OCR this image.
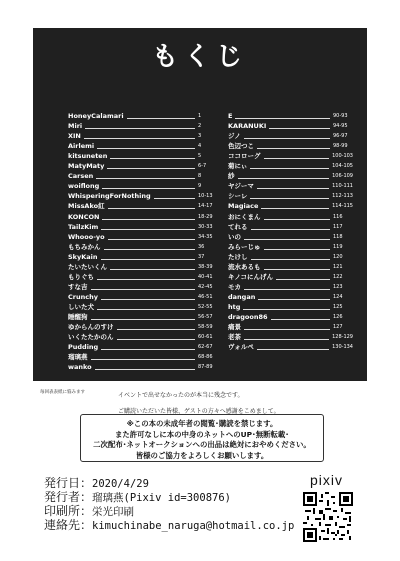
もくじ
HoneyCalamari	1
Miri	2
XIN	3
Airlemi	4
kitsuneten	5
MatyMaty	6-7
Carsen	8
woiflong	9
WhisperingForNothing	10-13
MissAko紅	14-17
KONCON	18-29
TailzKim	30-33
Whooo-yo	34-35
もちみかん	36
SkyKain	37
たいたいくん	38-39
もりぐち	40-41
すな吉	42-45
Crunchy	46-51
しいた犬	52-55
睡醒狗	56-57
ゆからんのすけ	58-59
いくたたかのん	60-61
Pudding	62-67
瑠璃燕	68-86
wanko	87-89
E	90-93
KARANUKI	94-95
ジノ	96-97
色辺つこ	98-99
ココローグ	100-103
菊にぃ	104-105
紗	106-109
ヤジーマ	110-111
シーレ	112-113
Magiace	114-115
おにくまん	116
てれる	117
いの	118
みらーじゅ	119
たけし	120
流水あるも	121
キノコにんげん	122
モカ	123
dangan	124
htg	125
dragoon86	126
痛景	127
老茶	128-129
ヴォルペ	130-134
毎回表表紙に悩みます	イベントで出せなかったのが本当に残念です。
ご購読いただいた皆様、ゲストの方々へ感謝をこめまして。
※この本の未成年者の閲覧･購読を禁じます。
また許可なしに本の中身のネットへのUP･無断転載･
二次配布･ネットオークションへの出品は絶対におやめください。
皆様のご協力をよろしくお願いします。
発行日：2020/4/29
発行者：瑠璃燕(Pixiv id=300876)
印刷所：栄光印刷
連絡先：kimuchinabe_naruga@hotmail.co.jp
pixiv
